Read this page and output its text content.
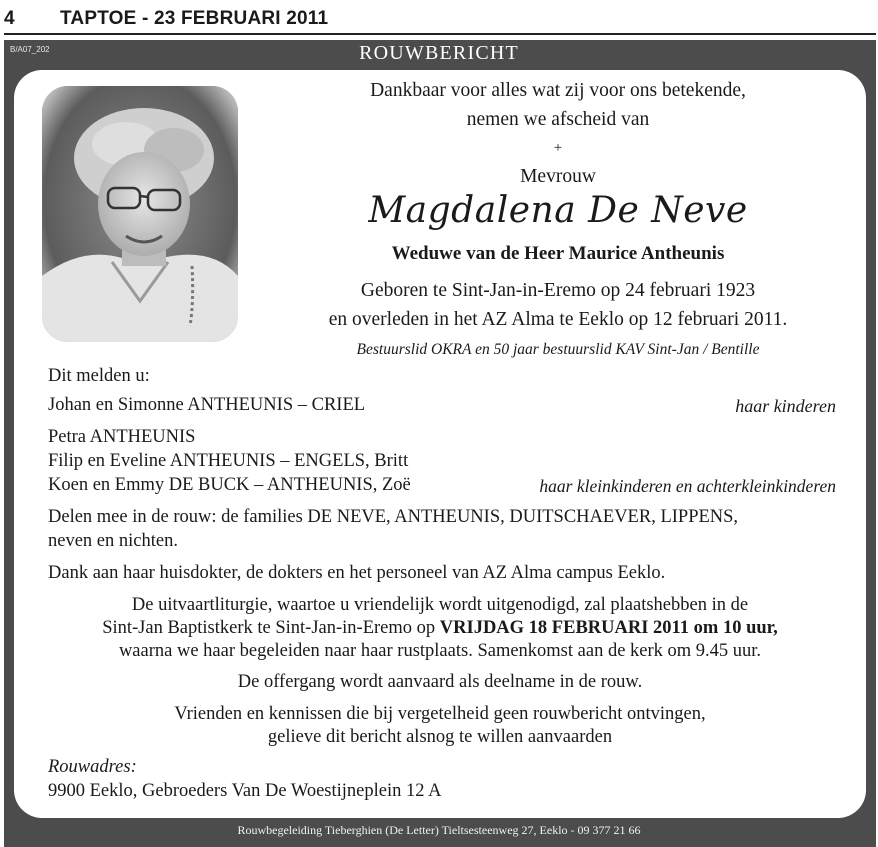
4 TAPTOE - 23 FEBRUARI 2011
B/A07_202	ROUWBERICHT
Dankbaar voor alles wat zij voor ons betekende,
nemen we afscheid van
+
Mevrouw
Magdalena De Neve
Weduwe van de Heer Maurice Antheunis
Geboren te Sint-Jan-in-Eremo op 24 februari 1923
en overleden in het AZ Alma te Eeklo op 12 februari 2011.
Bestuurslid OKRA en 50 jaar bestuurslid KAV Sint-Jan / Bentille
Dit melden u:
Johan en Simonne ANTHEUNIS – CRIEL	haar kinderen
Petra ANTHEUNIS
Filip en Eveline ANTHEUNIS – ENGELS, Britt
Koen en Emmy DE BUCK – ANTHEUNIS, Zoë	haar kleinkinderen en achterkleinkinderen
Delen mee in de rouw: de families DE NEVE, ANTHEUNIS, DUITSCHAEVER, LIPPENS,
neven en nichten.
Dank aan haar huisdokter, de dokters en het personeel van AZ Alma campus Eeklo.
De uitvaartliturgie, waartoe u vriendelijk wordt uitgenodigd, zal plaatshebben in de
Sint-Jan Baptistkerk te Sint-Jan-in-Eremo op VRIJDAG 18 FEBRUARI 2011 om 10 uur,
waarna we haar begeleiden naar haar rustplaats. Samenkomst aan de kerk om 9.45 uur.
De offergang wordt aanvaard als deelname in de rouw.
Vrienden en kennissen die bij vergetelheid geen rouwbericht ontvingen,
gelieve dit bericht alsnog te willen aanvaarden
Rouwadres:
9900 Eeklo, Gebroeders Van De Woestijneplein 12 A
Rouwbegeleiding Tieberghien (De Letter) Tieltsesteenweg 27, Eeklo - 09 377 21 66
